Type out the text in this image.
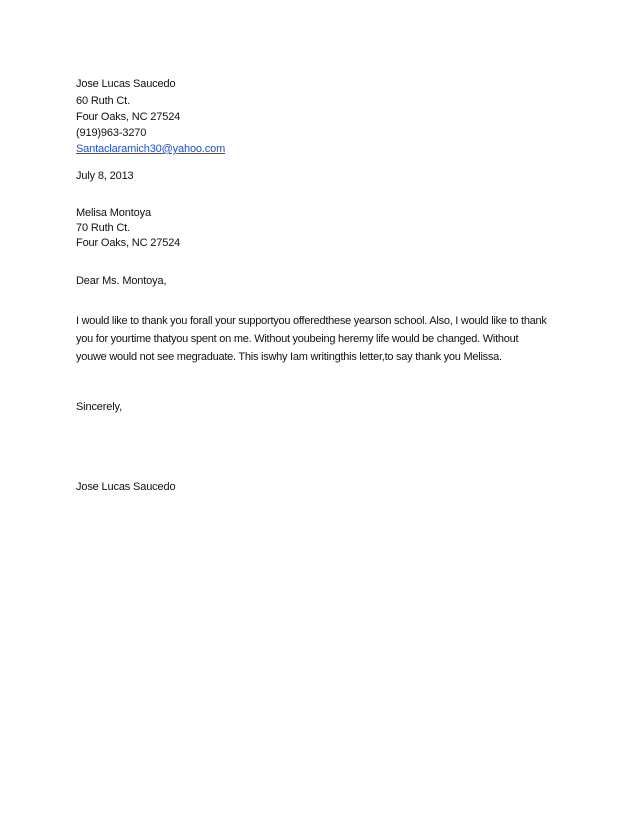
Jose Lucas Saucedo
60 Ruth Ct.
Four Oaks, NC 27524
(919)963-3270
Santaclaramich30@yahoo.com
July 8, 2013
Melisa Montoya
70 Ruth Ct.
Four Oaks, NC 27524
Dear Ms. Montoya,
I would like to thank you forall your supportyou offeredthese yearson school. Also, I would like to thank
you for yourtime thatyou spent on me. Without youbeing heremy life would be changed. Without
youwe would not see megraduate. This iswhy Iam writingthis letter,to say thank you Melissa.
Sincerely,
Jose Lucas Saucedo
